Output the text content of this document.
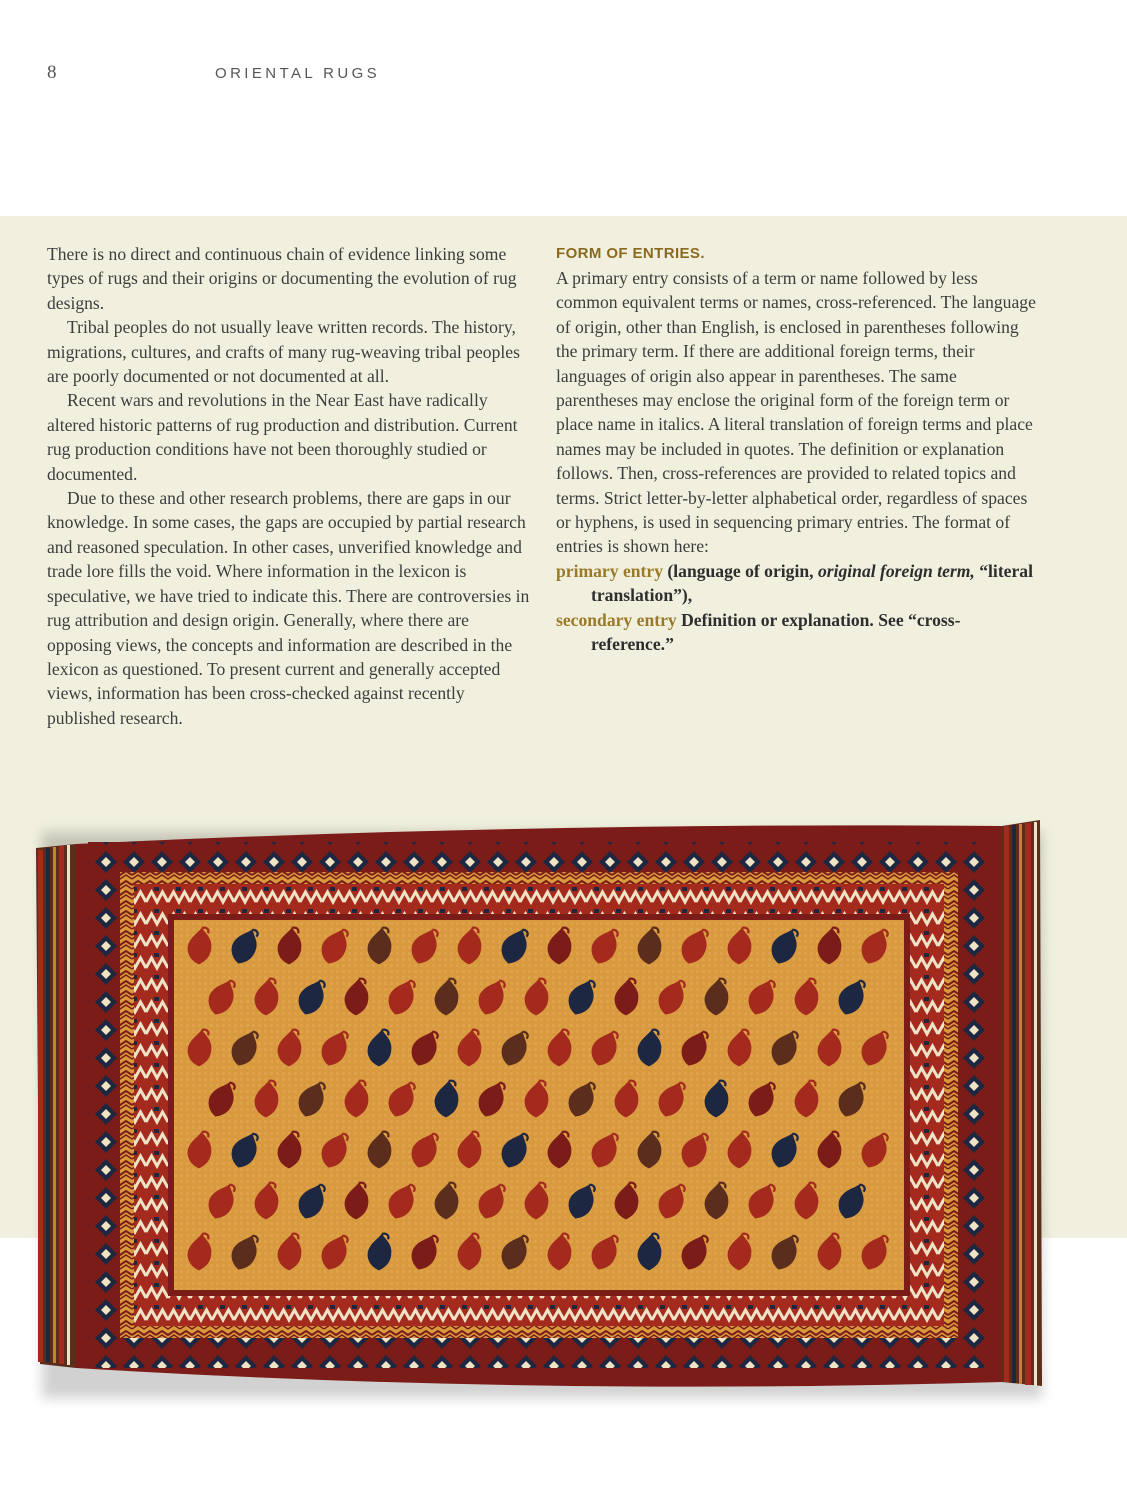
8	ORIENTAL RUGS

There is no direct and continuous chain of evidence linking some types of rugs and their origins or documenting the evolution of rug designs.

Tribal peoples do not usually leave written records. The history, migrations, cultures, and crafts of many rug-weaving tribal peoples are poorly documented or not documented at all.

Recent wars and revolutions in the Near East have radically altered historic patterns of rug production and distribution. Current rug production conditions have not been thoroughly studied or documented.

Due to these and other research problems, there are gaps in our knowledge. In some cases, the gaps are occupied by partial research and reasoned speculation. In other cases, unverified knowledge and trade lore fills the void. Where information in the lexicon is speculative, we have tried to indicate this. There are controversies in rug attribution and design origin. Generally, where there are opposing views, the concepts and information are described in the lexicon as questioned. To present current and generally accepted views, information has been cross-checked against recently published research.

FORM OF ENTRIES.

A primary entry consists of a term or name followed by less common equivalent terms or names, cross-referenced. The language of origin, other than English, is enclosed in parentheses following the primary term. If there are additional foreign terms, their languages of origin also appear in parentheses. The same parentheses may enclose the original form of the foreign term or place name in italics. A literal translation of foreign terms and place names may be included in quotes. The definition or explanation follows. Then, cross-references are provided to related topics and terms. Strict letter-by-letter alphabetical order, regardless of spaces or hyphens, is used in sequencing primary entries. The format of entries is shown here:

primary entry (language of origin, original foreign term, “literal translation”),

secondary entry Definition or explanation. See “cross-reference.”
